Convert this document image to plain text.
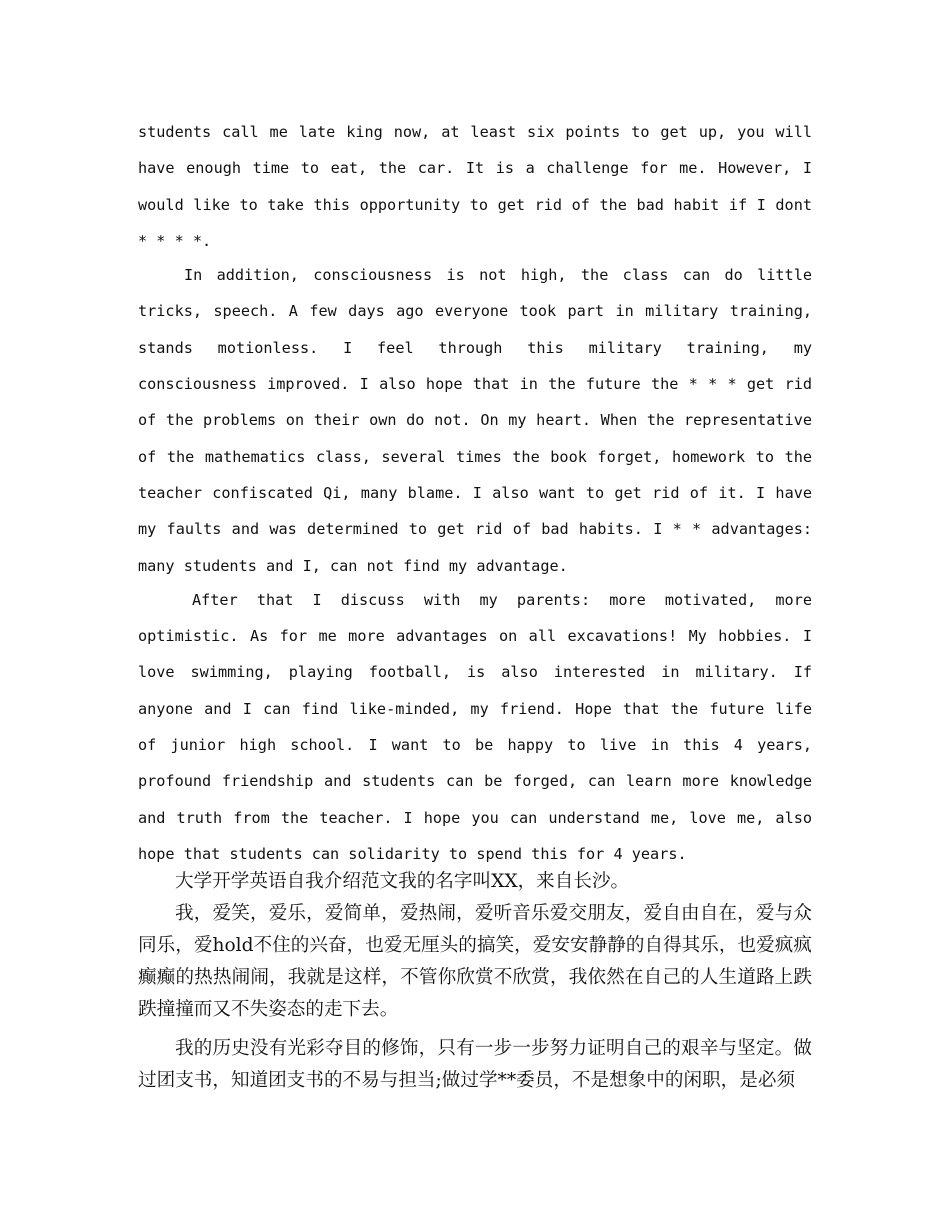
students call me late king now, at least six points to get up, you will have enough time to eat, the car. It is a challenge for me. However, I would like to take this opportunity to get rid of the bad habit if I dont * * * *.

In addition, consciousness is not high, the class can do little tricks, speech. A few days ago everyone took part in military training, stands motionless. I feel through this military training, my consciousness improved. I also hope that in the future the * * * get rid of the problems on their own do not. On my heart. When the representative of the mathematics class, several times the book forget, homework to the teacher confiscated Qi, many blame. I also want to get rid of it. I have my faults and was determined to get rid of bad habits. I * * advantages: many students and I, can not find my advantage.

After that I discuss with my parents: more motivated, more optimistic. As for me more advantages on all excavations! My hobbies. I love swimming, playing football, is also interested in military. If anyone and I can find like-minded, my friend. Hope that the future life of junior high school. I want to be happy to live in this 4 years, profound friendship and students can be forged, can learn more knowledge and truth from the teacher. I hope you can understand me, love me, also hope that students can solidarity to spend this for 4 years.

大学开学英语自我介绍范文我的名字叫XX，来自长沙。

我，爱笑，爱乐，爱简单，爱热闹，爱听音乐爱交朋友，爱自由自在，爱与众同乐，爱hold不住的兴奋，也爱无厘头的搞笑，爱安安静静的自得其乐，也爱疯疯癫癫的热热闹闹，我就是这样，不管你欣赏不欣赏，我依然在自己的人生道路上跌跌撞撞而又不失姿态的走下去。

我的历史没有光彩夺目的修饰，只有一步一步努力证明自己的艰辛与坚定。做过团支书，知道团支书的不易与担当;做过学**委员，不是想象中的闲职，是必须
